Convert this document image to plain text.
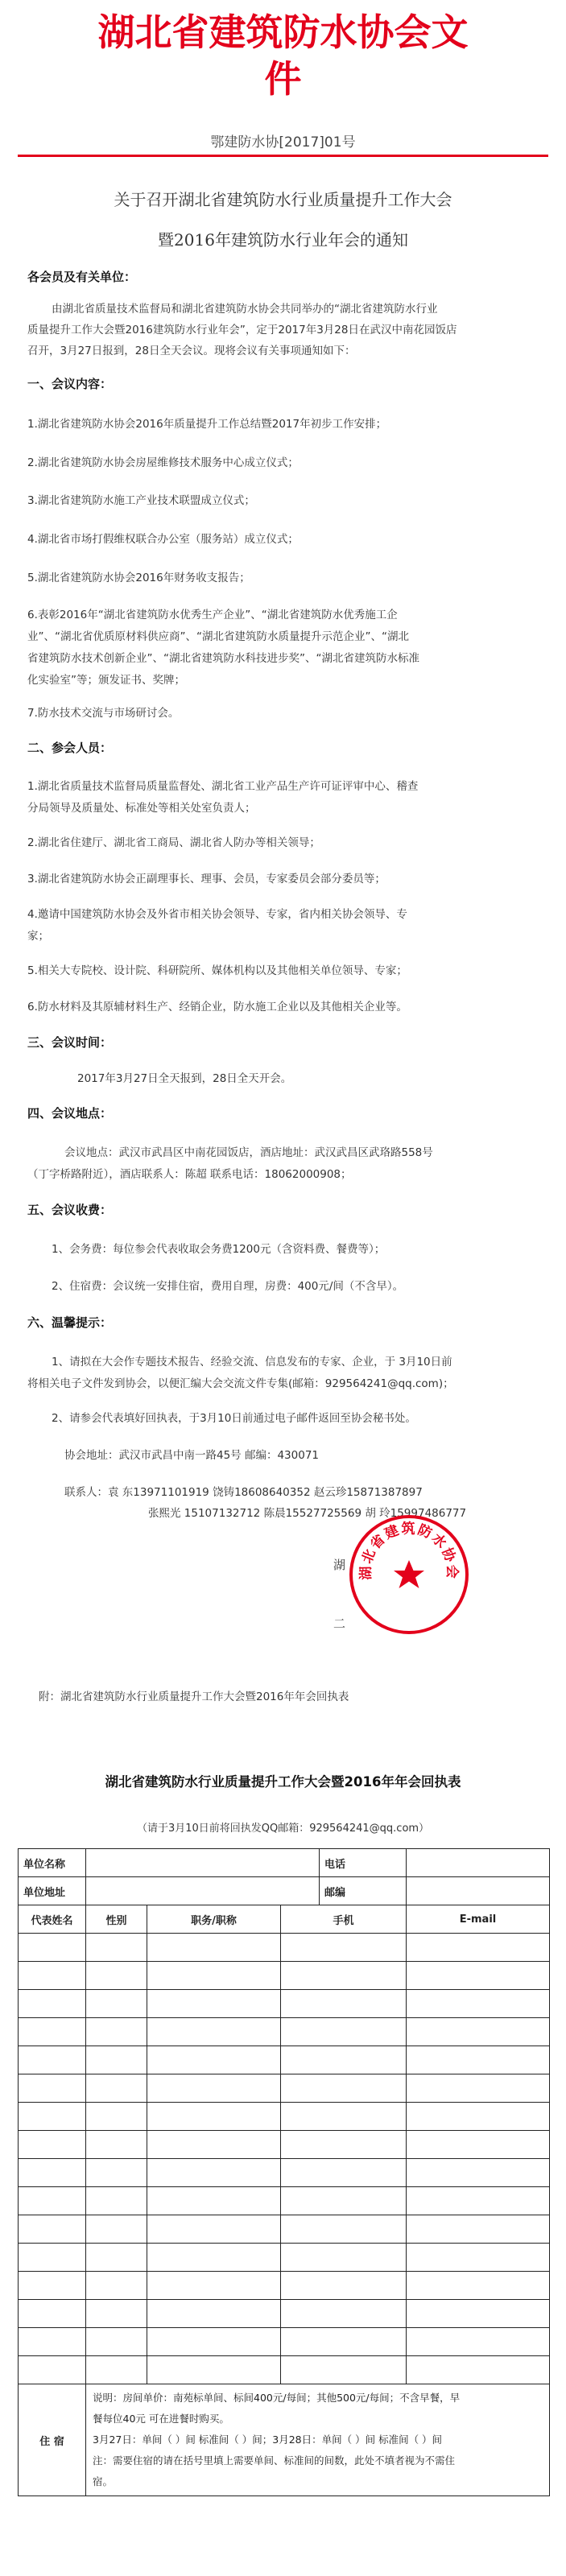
湖北省建筑防水协会文
件
鄂建防水协[2017]01号
关于召开湖北省建筑防水行业质量提升工作大会
暨2016年建筑防水行业年会的通知
各会员及有关单位：
由湖北省质量技术监督局和湖北省建筑防水协会共同举办的“湖北省建筑防水行业
质量提升工作大会暨2016建筑防水行业年会”，定于2017年3月28日在武汉中南花园饭店
召开，3月27日报到，28日全天会议。现将会议有关事项通知如下：
一、会议内容：
1.湖北省建筑防水协会2016年质量提升工作总结暨2017年初步工作安排；
2.湖北省建筑防水协会房屋维修技术服务中心成立仪式；
3.湖北省建筑防水施工产业技术联盟成立仪式；
4.湖北省市场打假维权联合办公室（服务站）成立仪式；
5.湖北省建筑防水协会2016年财务收支报告；
6.表彰2016年“湖北省建筑防水优秀生产企业”、“湖北省建筑防水优秀施工企
业”、“湖北省优质原材料供应商”、“湖北省建筑防水质量提升示范企业”、“湖北
省建筑防水技术创新企业”、“湖北省建筑防水科技进步奖”、“湖北省建筑防水标准
化实验室”等；颁发证书、奖牌；
7.防水技术交流与市场研讨会。
二、参会人员：
1.湖北省质量技术监督局质量监督处、湖北省工业产品生产许可证评审中心、稽查
分局领导及质量处、标准处等相关处室负责人；
2.湖北省住建厅、湖北省工商局、湖北省人防办等相关领导；
3.湖北省建筑防水协会正副理事长、理事、会员，专家委员会部分委员等；
4.邀请中国建筑防水协会及外省市相关协会领导、专家，省内相关协会领导、专
家；
5.相关大专院校、设计院、科研院所、媒体机构以及其他相关单位领导、专家；
6.防水材料及其原辅材料生产、经销企业，防水施工企业以及其他相关企业等。
三、会议时间：
2017年3月27日全天报到，28日全天开会。
四、会议地点：
会议地点：武汉市武昌区中南花园饭店，酒店地址：武汉武昌区武珞路558号
（丁字桥路附近），酒店联系人：陈超 联系电话：18062000908；
五、会议收费：
1、会务费：每位参会代表收取会务费1200元（含资料费、餐费等）；
2、住宿费：会议统一安排住宿，费用自理，房费：400元/间（不含早）。
六、温馨提示：
1、请拟在大会作专题技术报告、经验交流、信息发布的专家、企业，于 3月10日前
将相关电子文件发到协会，以便汇编大会交流文件专集(邮箱：929564241@qq.com)；
2、请参会代表填好回执表，于3月10日前通过电子邮件返回至协会秘书处。
协会地址：武汉市武昌中南一路45号 邮编：430071
联系人：袁 东13971101919 饶铸18608640352 赵云珍15871387897
张熙光 15107132712 陈晨15527725569 胡 玲15997486777
湖
二
湖北省建筑防水协会
附：湖北省建筑防水行业质量提升工作大会暨2016年年会回执表
湖北省建筑防水行业质量提升工作大会暨2016年年会回执表
（请于3月10日前将回执发QQ邮箱：929564241@qq.com）
单位名称				电话	
单位地址				邮编	
代表姓名	性别	职务/职称	手机		E-mail

住 宿	说明：房间单价：南苑标单间、标间400元/每间；其他500元/每间；不含早餐，早
餐每位40元 可在进餐时购买。
3月27日：单间（ ）间 标准间（ ）间；3月28日：单间（ ）间 标准间（ ）间
注：需要住宿的请在括号里填上需要单间、标准间的间数，此处不填者视为不需住
宿。				
